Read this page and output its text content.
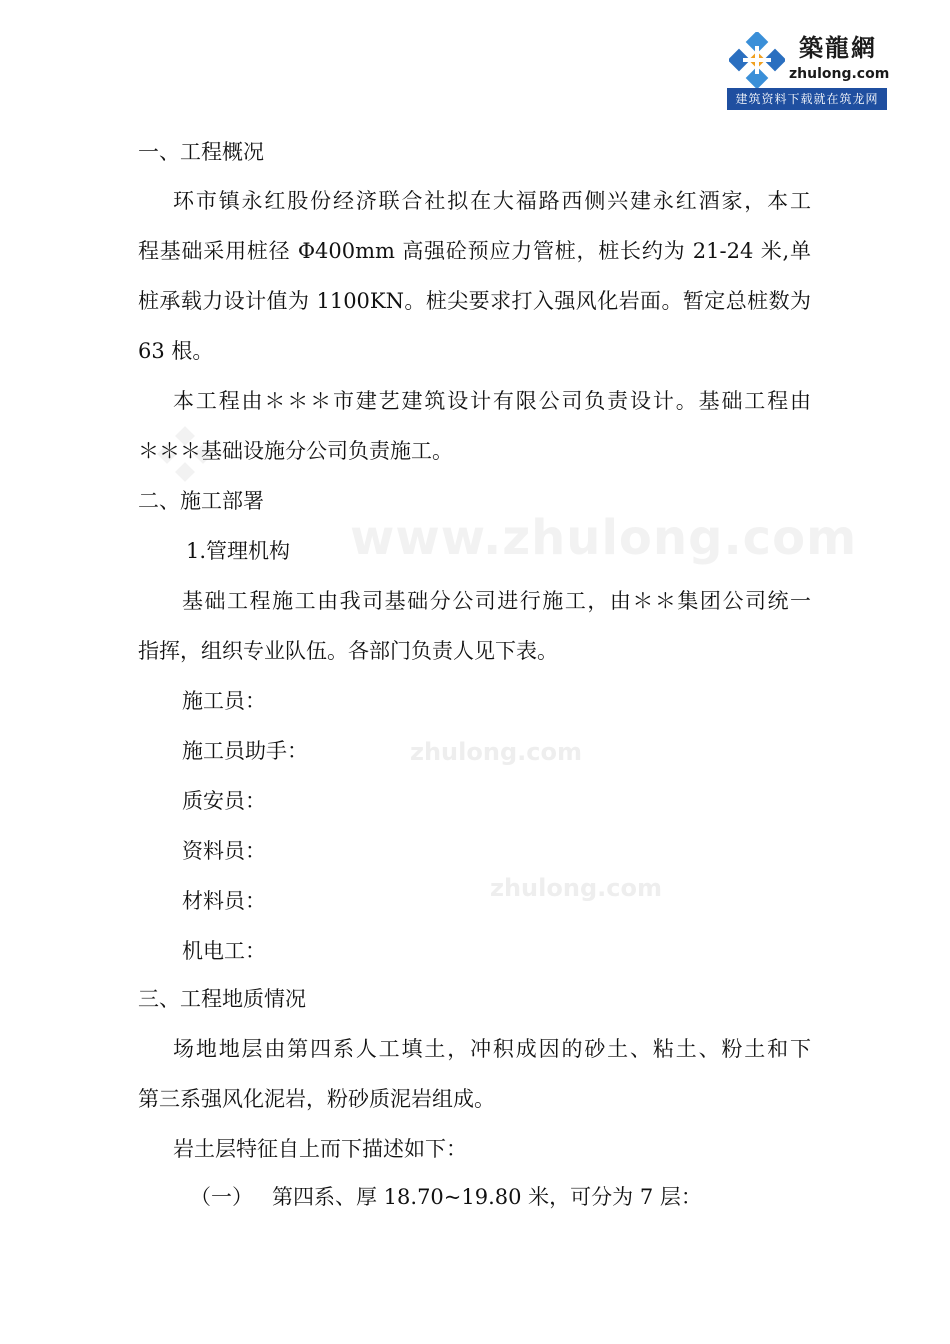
築龍網
zhulong.com
建筑资料下载就在筑龙网
www.zhulong.com
zhulong.com
zhulong.com
一、工程概况
环市镇永红股份经济联合社拟在大福路西侧兴建永红酒家，本工
程基础采用桩径 Φ400mm 高强砼预应力管桩，桩长约为 21-24 米,单
桩承载力设计值为 1100KN。桩尖要求打入强风化岩面。暂定总桩数为
63 根。
本工程由＊＊＊市建艺建筑设计有限公司负责设计。基础工程由
＊＊＊基础设施分公司负责施工。
二、施工部署
1.管理机构
基础工程施工由我司基础分公司进行施工，由＊＊集团公司统一
指挥，组织专业队伍。各部门负责人见下表。
施工员：
施工员助手：
质安员：
资料员：
材料员：
机电工：
三、工程地质情况
场地地层由第四系人工填土，冲积成因的砂土、粘土、粉土和下
第三系强风化泥岩，粉砂质泥岩组成。
岩土层特征自上而下描述如下：
（一） 第四系、厚 18.70~19.80 米，可分为 7 层：
